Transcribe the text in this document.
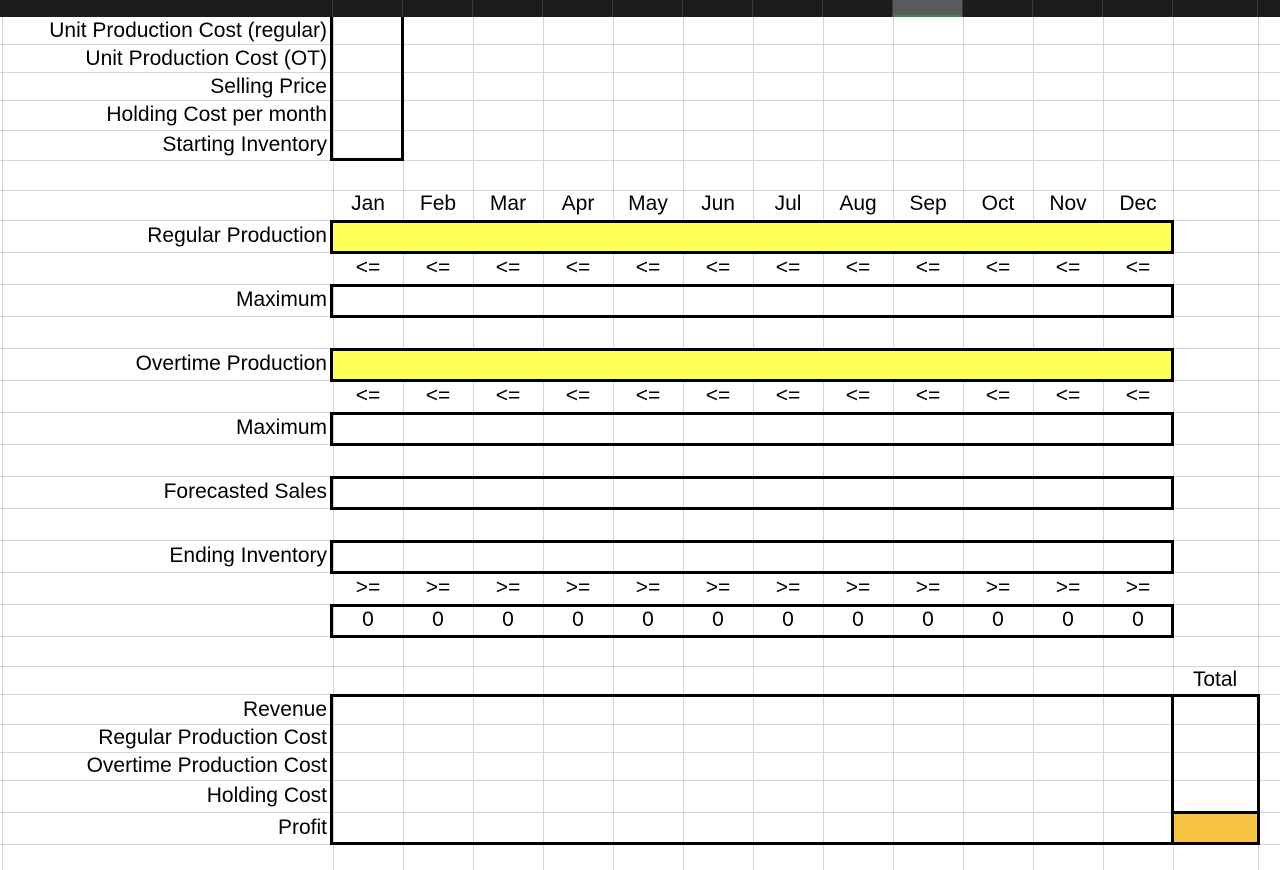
Unit Production Cost (regular)
Unit Production Cost (OT)
Selling Price
Holding Cost per month
Starting Inventory
Jan	Feb	Mar	Apr	May	Jun	Jul	Aug	Sep	Oct	Nov	Dec
Regular Production
<=	<=	<=	<=	<=	<=	<=	<=	<=	<=	<=	<=
Maximum
Overtime Production
<=	<=	<=	<=	<=	<=	<=	<=	<=	<=	<=	<=
Maximum
Forecasted Sales
Ending Inventory
>=	>=	>=	>=	>=	>=	>=	>=	>=	>=	>=	>=
0	0	0	0	0	0	0	0	0	0	0	0
Total
Revenue
Regular Production Cost
Overtime Production Cost
Holding Cost
Profit
